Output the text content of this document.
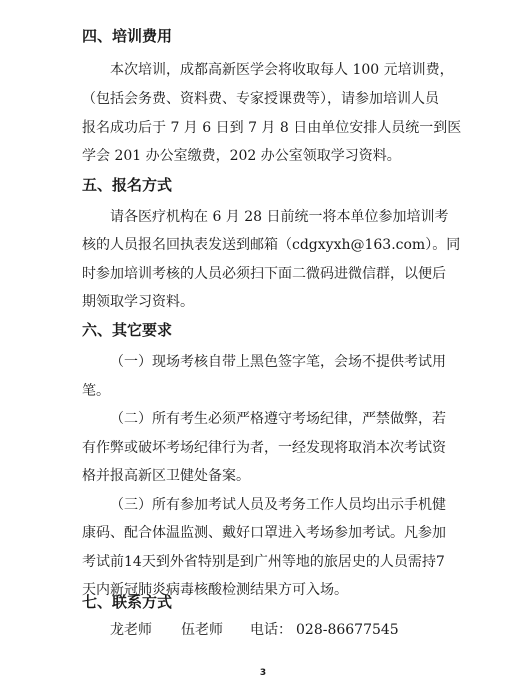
四、培训费用
本次培训，成都高新医学会将收取每人 100 元培训费，
（包括会务费、资料费、专家授课费等），请参加培训人员
报名成功后于 7 月 6 日到 7 月 8 日由单位安排人员统一到医
学会 201 办公室缴费，202 办公室领取学习资料。
五、报名方式
请各医疗机构在 6 月 28 日前统一将本单位参加培训考
核的人员报名回执表发送到邮箱（cdgxyxh@163.com）。同
时参加培训考核的人员必须扫下面二微码进微信群，以便后
期领取学习资料。
六、其它要求
（一）现场考核自带上黑色签字笔，会场不提供考试用
笔。
（二）所有考生必须严格遵守考场纪律，严禁做弊，若
有作弊或破坏考场纪律行为者，一经发现将取消本次考试资
格并报高新区卫健处备案。
（三）所有参加考试人员及考务工作人员均出示手机健
康码、配合体温监测、戴好口罩进入考场参加考试。凡参加
考试前14天到外省特别是到广州等地的旅居史的人员需持7
天内新冠肺炎病毒核酸检测结果方可入场。
七、联系方式
龙老师 伍老师 电话： 028-86677545
3
